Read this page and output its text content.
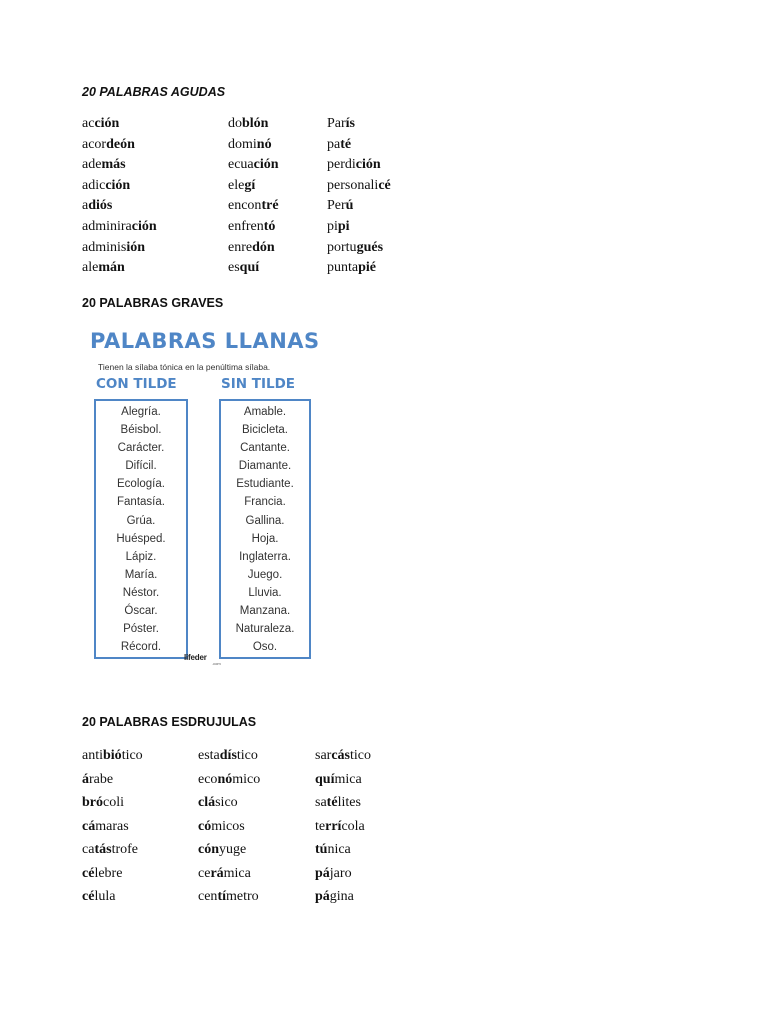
20 PALABRAS AGUDAS
acción
acordeón
además
adicción
adiós
adminiración
adminisión
alemán
doblón
dominó
ecuación
elegí
encontré
enfrentó
enredón
esquí
París
paté
perdición
personalicé
Perú
pipi
portugués
puntapié
20 PALABRAS GRAVES
PALABRAS LLANAS
Tienen la sílaba tónica en la penúltima sílaba.
CON TILDE	SIN TILDE
Alegría.
Béisbol.
Carácter.
Difícil.
Ecología.
Fantasía.
Grúa.
Huésped.
Lápiz.
María.
Néstor.
Óscar.
Póster.
Récord.
Amable.
Bicicleta.
Cantante.
Diamante.
Estudiante.
Francia.
Gallina.
Hoja.
Inglaterra.
Juego.
Lluvia.
Manzana.
Naturaleza.
Oso.
lifeder
.com
20 PALABRAS ESDRUJULAS
antibiótico
árabe
brócoli
cámaras
catástrofe
célebre
célula
estadístico
económico
clásico
cómicos
cónyuge
cerámica
centímetro
sarcástico
química
satélites
terrícola
túnica
pájaro
página
